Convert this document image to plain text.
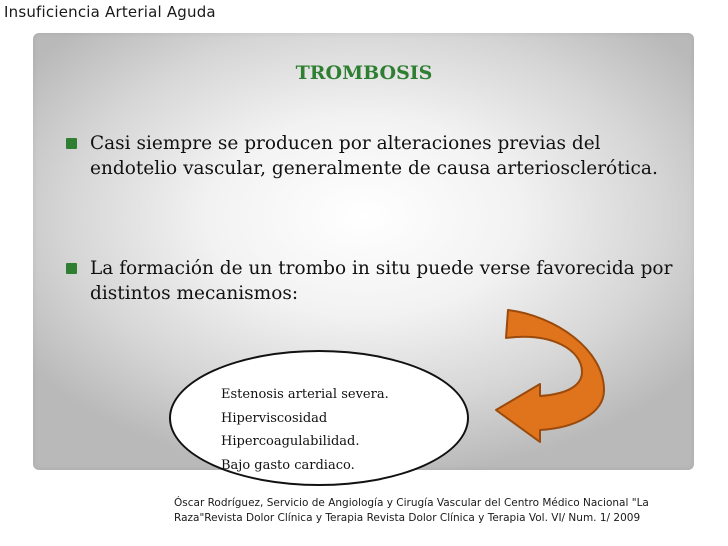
Insuficiencia Arterial Aguda
TROMBOSIS
Casi siempre se producen por alteraciones previas del endotelio vascular, generalmente de causa arteriosclerótica.
La formación de un trombo in situ puede verse favorecida por distintos mecanismos:
Estenosis arterial severa.
Hiperviscosidad
Hipercoagulabilidad.
Bajo gasto cardiaco.
Óscar Rodríguez, Servicio de Angiología y Cirugía Vascular del Centro Médico Nacional "La Raza"Revista Dolor Clínica y Terapia Revista Dolor Clínica y Terapia Vol. VI/ Num. 1/ 2009
